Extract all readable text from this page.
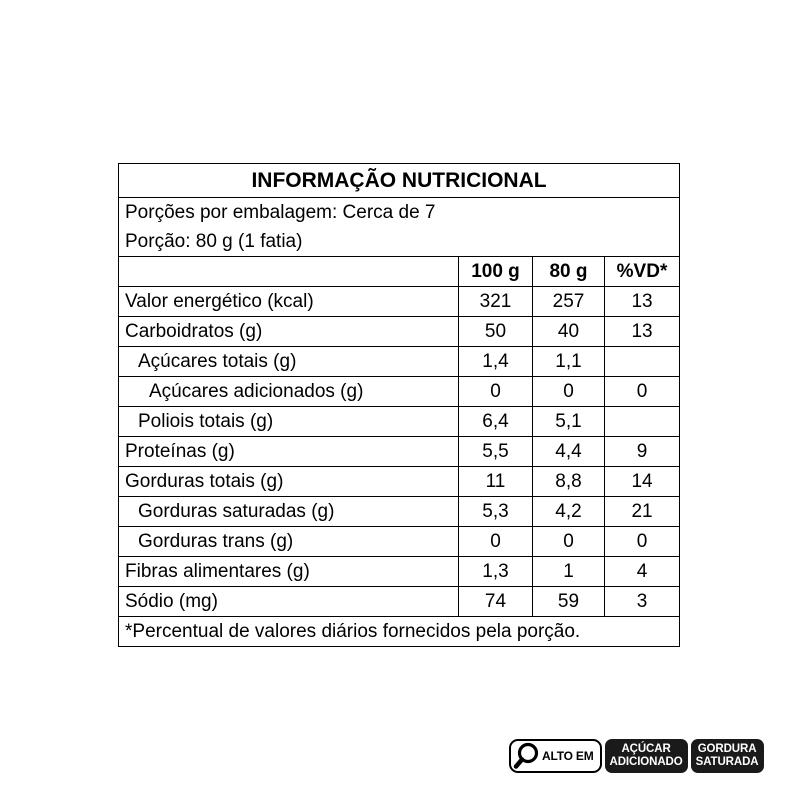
INFORMAÇÃO NUTRICIONAL			
Porções por embalagem: Cerca de 7			
Porção: 80 g (1 fatia)			
	100 g	80 g	%VD*
Valor energético (kcal)	321	257	13
Carboidratos (g)	50	40	13
Açúcares totais (g)	1,4	1,1	
Açúcares adicionados (g)	0	0	0
Poliois totais (g)	6,4	5,1	
Proteínas (g)	5,5	4,4	9
Gorduras totais (g)	11	8,8	14
Gorduras saturadas (g)	5,3	4,2	21
Gorduras trans (g)	0	0	0
Fibras alimentares (g)	1,3	1	4
Sódio (mg)	74	59	3
*Percentual de valores diários fornecidos pela porção.			
ALTO EM AÇÚCAR
ADICIONADO
GORDURA
SATURADA
